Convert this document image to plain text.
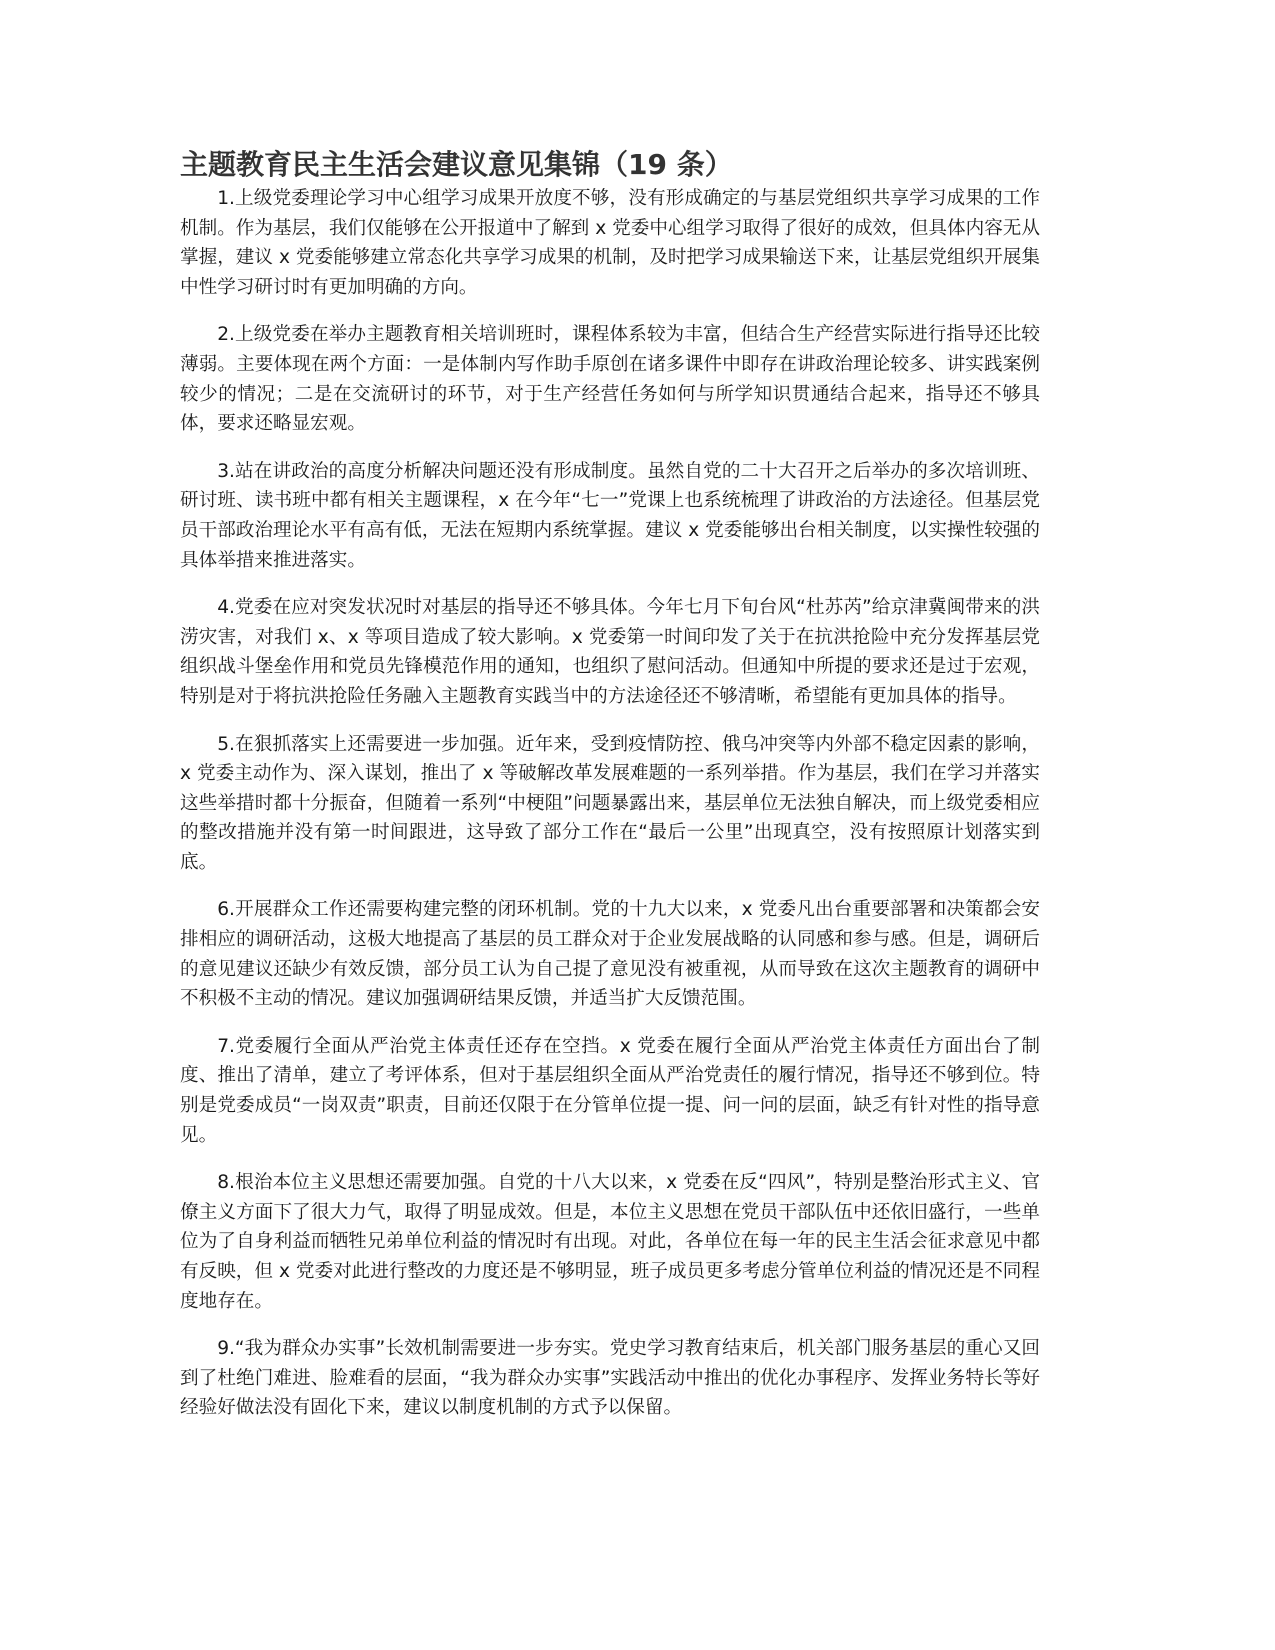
主题教育民主生活会建议意见集锦（19 条）

1.上级党委理论学习中心组学习成果开放度不够，没有形成确定的与基层党组织共享学习成果的工作机制。作为基层，我们仅能够在公开报道中了解到 x 党委中心组学习取得了很好的成效，但具体内容无从掌握，建议 x 党委能够建立常态化共享学习成果的机制，及时把学习成果输送下来，让基层党组织开展集中性学习研讨时有更加明确的方向。

2.上级党委在举办主题教育相关培训班时，课程体系较为丰富，但结合生产经营实际进行指导还比较薄弱。主要体现在两个方面：一是体制内写作助手原创在诸多课件中即存在讲政治理论较多、讲实践案例较少的情况；二是在交流研讨的环节，对于生产经营任务如何与所学知识贯通结合起来，指导还不够具体，要求还略显宏观。

3.站在讲政治的高度分析解决问题还没有形成制度。虽然自党的二十大召开之后举办的多次培训班、研讨班、读书班中都有相关主题课程，x 在今年“七一”党课上也系统梳理了讲政治的方法途径。但基层党员干部政治理论水平有高有低，无法在短期内系统掌握。建议 x 党委能够出台相关制度，以实操性较强的具体举措来推进落实。

4.党委在应对突发状况时对基层的指导还不够具体。今年七月下旬台风“杜苏芮”给京津冀闽带来的洪涝灾害，对我们 x、x 等项目造成了较大影响。x 党委第一时间印发了关于在抗洪抢险中充分发挥基层党组织战斗堡垒作用和党员先锋模范作用的通知，也组织了慰问活动。但通知中所提的要求还是过于宏观，特别是对于将抗洪抢险任务融入主题教育实践当中的方法途径还不够清晰，希望能有更加具体的指导。

5.在狠抓落实上还需要进一步加强。近年来，受到疫情防控、俄乌冲突等内外部不稳定因素的影响，x 党委主动作为、深入谋划，推出了 x 等破解改革发展难题的一系列举措。作为基层，我们在学习并落实这些举措时都十分振奋，但随着一系列“中梗阻”问题暴露出来，基层单位无法独自解决，而上级党委相应的整改措施并没有第一时间跟进，这导致了部分工作在“最后一公里”出现真空，没有按照原计划落实到底。

6.开展群众工作还需要构建完整的闭环机制。党的十九大以来，x 党委凡出台重要部署和决策都会安排相应的调研活动，这极大地提高了基层的员工群众对于企业发展战略的认同感和参与感。但是，调研后的意见建议还缺少有效反馈，部分员工认为自己提了意见没有被重视，从而导致在这次主题教育的调研中不积极不主动的情况。建议加强调研结果反馈，并适当扩大反馈范围。

7.党委履行全面从严治党主体责任还存在空挡。x 党委在履行全面从严治党主体责任方面出台了制度、推出了清单，建立了考评体系，但对于基层组织全面从严治党责任的履行情况，指导还不够到位。特别是党委成员“一岗双责”职责，目前还仅限于在分管单位提一提、问一问的层面，缺乏有针对性的指导意见。

8.根治本位主义思想还需要加强。自党的十八大以来，x 党委在反“四风”，特别是整治形式主义、官僚主义方面下了很大力气，取得了明显成效。但是，本位主义思想在党员干部队伍中还依旧盛行，一些单位为了自身利益而牺牲兄弟单位利益的情况时有出现。对此，各单位在每一年的民主生活会征求意见中都有反映，但 x 党委对此进行整改的力度还是不够明显，班子成员更多考虑分管单位利益的情况还是不同程度地存在。

9.“我为群众办实事”长效机制需要进一步夯实。党史学习教育结束后，机关部门服务基层的重心又回到了杜绝门难进、脸难看的层面，“我为群众办实事”实践活动中推出的优化办事程序、发挥业务特长等好经验好做法没有固化下来，建议以制度机制的方式予以保留。
